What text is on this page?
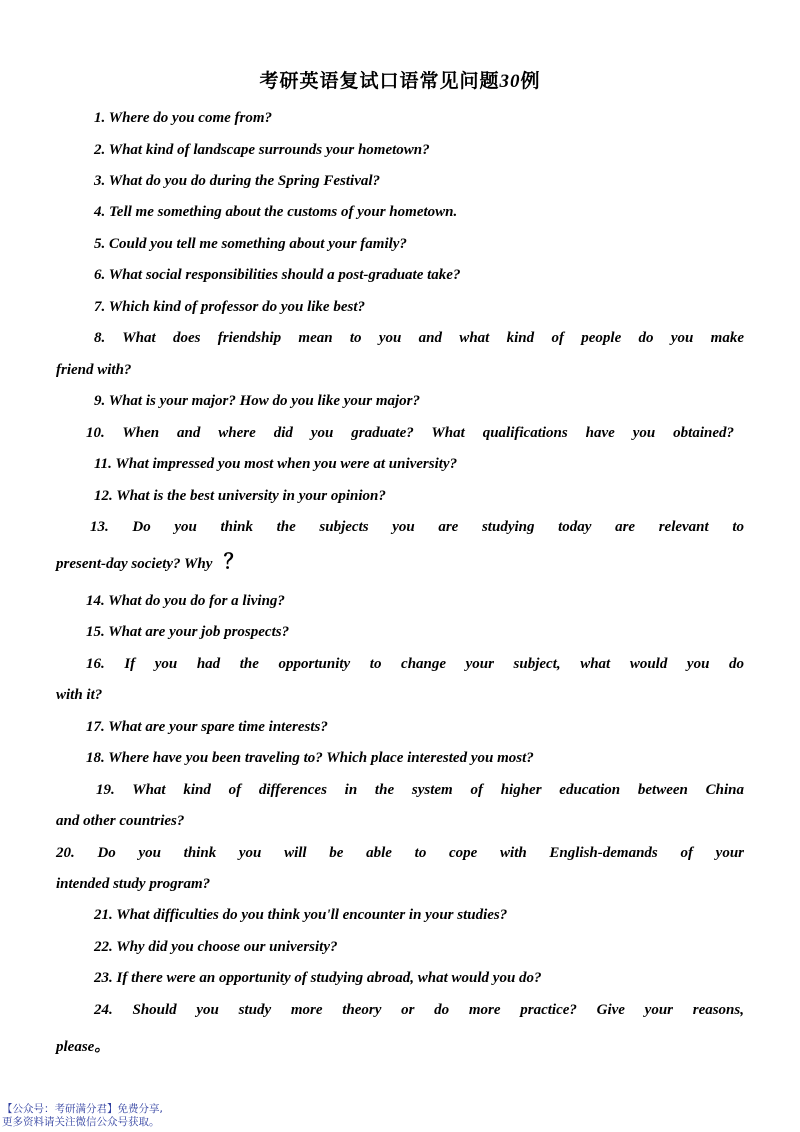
考研英语复试口语常见问题30例
1. Where do you come from?
2. What kind of landscape surrounds your hometown?
3. What do you do during the Spring Festival?
4. Tell me something about the customs of your hometown.
5. Could you tell me something about your family?
6. What social responsibilities should a post-graduate take?
7. Which kind of professor do you like best?
8. What does friendship mean to you and what kind of people do you make
friend with?
9. What is your major? How do you like your major?
10. When and where did you graduate? What qualifications have you obtained?
11. What impressed you most when you were at university?
12. What is the best university in your opinion?
13. Do you think the subjects you are studying today are relevant to
present-day society? Why ？
14. What do you do for a living?
15. What are your job prospects?
16. If you had the opportunity to change your subject, what would you do
with it?
17. What are your spare time interests?
18. Where have you been traveling to? Which place interested you most?
19. What kind of differences in the system of higher education between China
and other countries?
20. Do you think you will be able to cope with English-demands of your
intended study program?
21. What difficulties do you think you'll encounter in your studies?
22. Why did you choose our university?
23. If there were an opportunity of studying abroad, what would you do?
24. Should you study more theory or do more practice? Give your reasons,
please。
【公众号：考研满分君】免费分享,
更多资料请关注微信公众号获取。
